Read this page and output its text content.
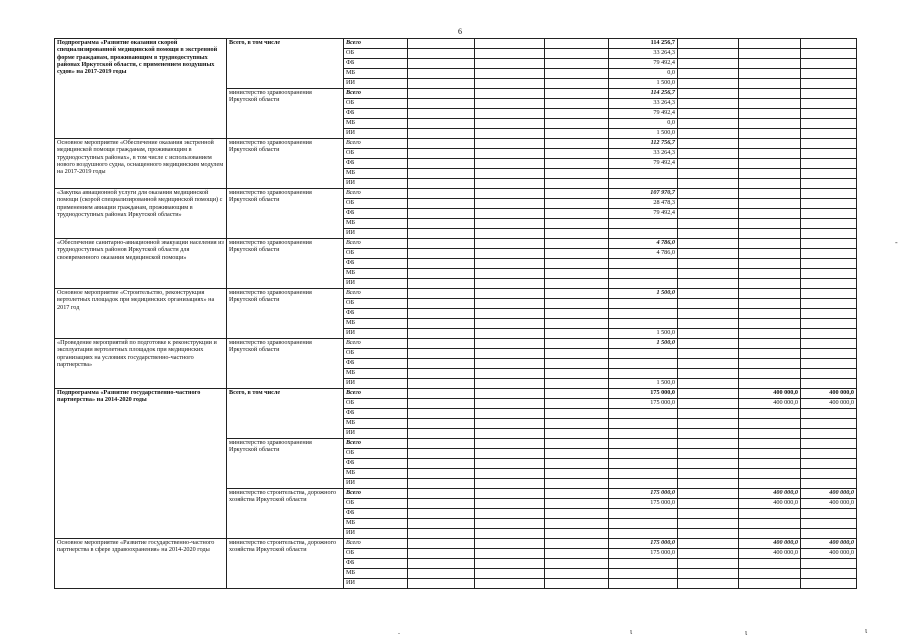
6
Подпрограмма «Развитие оказания скорой специализированной медицинской помощи в экстренной форме гражданам, проживающим в труднодоступных районах Иркутской области, с применением воздушных судов» на 2017-2019 годы	Всего, в том числе	Всего				114 256,7			
		ОБ				33 264,3			
		ФБ				79 492,4			
		МБ				0,0			
		ИИ				1 500,0			
	министерство здравоохранения Иркутской области	Всего				114 256,7			
		ОБ				33 264,3			
		ФБ				79 492,4			
		МБ				0,0			
		ИИ				1 500,0			
Основное мероприятие «Обеспечение оказания экстренной медицинской помощи гражданам, проживающим в труднодоступных районах», в том числе с использованием нового воздушного судна, оснащенного медицинским модулем на 2017-2019 годы	министерство здравоохранения Иркутской области	Всего				112 756,7			
		ОБ				33 264,3			
		ФБ				79 492,4			
		МБ							
		ИИ							
«Закупка авиационной услуги для оказания медицинской помощи (скорой специализированной медицинской помощи) с применением авиации гражданам, проживающим в труднодоступных районах Иркутской области»	министерство здравоохранения Иркутской области	Всего				107 970,7			
		ОБ				28 478,3			
		ФБ				79 492,4			
		МБ							
		ИИ							
«Обеспечение санитарно-авиационной эвакуации населения из труднодоступных районов Иркутской области для своевременного оказания медицинской помощи»	министерство здравоохранения Иркутской области	Всего				4 786,0			
		ОБ				4 786,0			
		ФБ							
		МБ							
		ИИ							
Основное мероприятие «Строительство, реконструкция вертолетных площадок при медицинских организациях» на 2017 год	министерство здравоохранения Иркутской области	Всего				1 500,0			
		ОБ							
		ФБ							
		МБ							
		ИИ				1 500,0			
«Проведение мероприятий по подготовке к реконструкции и эксплуатации вертолетных площадок при медицинских организациях на условиях государственно-частного партнерства»	министерство здравоохранения Иркутской области	Всего				1 500,0			
		ОБ							
		ФБ							
		МБ							
		ИИ				1 500,0			
Подпрограмма «Развитие государственно-частного партнерства» на 2014-2020 годы	Всего, в том числе	Всего				175 000,0		400 000,0	400 000,0
		ОБ				175 000,0		400 000,0	400 000,0
		ФБ							
		МБ							
		ИИ							
	министерство здравоохранения Иркутской области	Всего							
		ОБ							
		ФБ							
		МБ							
		ИИ							
	министерство строительства, дорожного хозяйства Иркутской области	Всего				175 000,0		400 000,0	400 000,0
		ОБ				175 000,0		400 000,0	400 000,0
		ФБ							
		МБ							
		ИИ							
Основное мероприятие «Развитие государственно-частного партнерства в сфере здравоохранения» на 2014-2020 годы	министерство строительства, дорожного хозяйства Иркутской области	Всего				175 000,0		400 000,0	400 000,0
		ОБ				175 000,0		400 000,0	400 000,0
		ФБ							
		МБ							
		ИИ							
.	ɩ	ɩ	ɩ
-
